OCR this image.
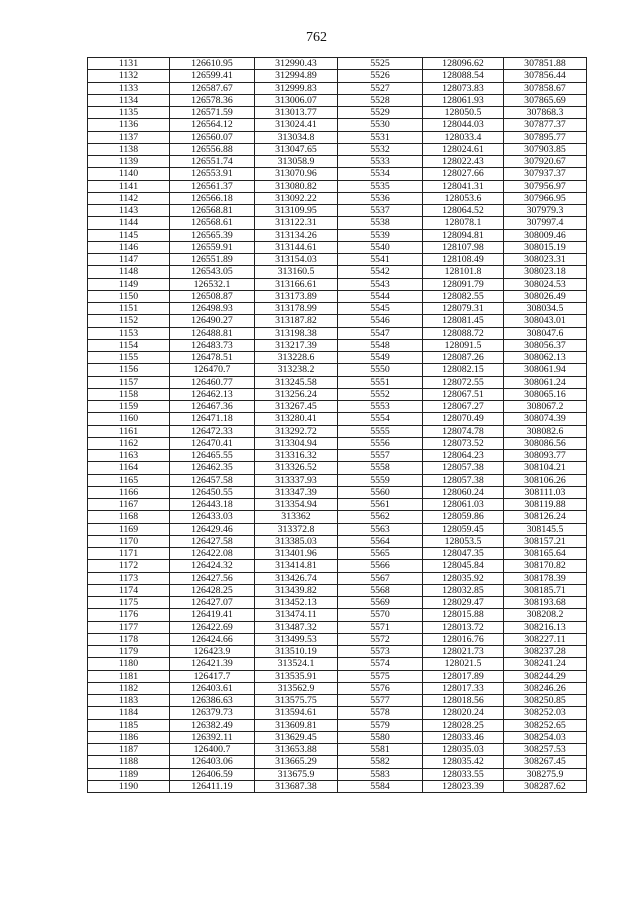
762
1131	126610.95	312990.43	5525	128096.62	307851.88
1132	126599.41	312994.89	5526	128088.54	307856.44
1133	126587.67	312999.83	5527	128073.83	307858.67
1134	126578.36	313006.07	5528	128061.93	307865.69
1135	126571.59	313013.77	5529	128050.5	307868.3
1136	126564.12	313024.41	5530	128044.03	307877.37
1137	126560.07	313034.8	5531	128033.4	307895.77
1138	126556.88	313047.65	5532	128024.61	307903.85
1139	126551.74	313058.9	5533	128022.43	307920.67
1140	126553.91	313070.96	5534	128027.66	307937.37
1141	126561.37	313080.82	5535	128041.31	307956.97
1142	126566.18	313092.22	5536	128053.6	307966.95
1143	126568.81	313109.95	5537	128064.52	307979.3
1144	126568.61	313122.31	5538	128078.1	307997.4
1145	126565.39	313134.26	5539	128094.81	308009.46
1146	126559.91	313144.61	5540	128107.98	308015.19
1147	126551.89	313154.03	5541	128108.49	308023.31
1148	126543.05	313160.5	5542	128101.8	308023.18
1149	126532.1	313166.61	5543	128091.79	308024.53
1150	126508.87	313173.89	5544	128082.55	308026.49
1151	126498.93	313178.99	5545	128079.31	308034.5
1152	126490.27	313187.82	5546	128081.45	308043.01
1153	126488.81	313198.38	5547	128088.72	308047.6
1154	126483.73	313217.39	5548	128091.5	308056.37
1155	126478.51	313228.6	5549	128087.26	308062.13
1156	126470.7	313238.2	5550	128082.15	308061.94
1157	126460.77	313245.58	5551	128072.55	308061.24
1158	126462.13	313256.24	5552	128067.51	308065.16
1159	126467.36	313267.45	5553	128067.27	308067.2
1160	126471.18	313280.41	5554	128070.49	308074.39
1161	126472.33	313292.72	5555	128074.78	308082.6
1162	126470.41	313304.94	5556	128073.52	308086.56
1163	126465.55	313316.32	5557	128064.23	308093.77
1164	126462.35	313326.52	5558	128057.38	308104.21
1165	126457.58	313337.93	5559	128057.38	308106.26
1166	126450.55	313347.39	5560	128060.24	308111.03
1167	126443.18	313354.94	5561	128061.03	308119.88
1168	126433.03	313362	5562	128059.86	308126.24
1169	126429.46	313372.8	5563	128059.45	308145.5
1170	126427.58	313385.03	5564	128053.5	308157.21
1171	126422.08	313401.96	5565	128047.35	308165.64
1172	126424.32	313414.81	5566	128045.84	308170.82
1173	126427.56	313426.74	5567	128035.92	308178.39
1174	126428.25	313439.82	5568	128032.85	308185.71
1175	126427.07	313452.13	5569	128029.47	308193.68
1176	126419.41	313474.11	5570	128015.88	308208.2
1177	126422.69	313487.32	5571	128013.72	308216.13
1178	126424.66	313499.53	5572	128016.76	308227.11
1179	126423.9	313510.19	5573	128021.73	308237.28
1180	126421.39	313524.1	5574	128021.5	308241.24
1181	126417.7	313535.91	5575	128017.89	308244.29
1182	126403.61	313562.9	5576	128017.33	308246.26
1183	126386.63	313575.75	5577	128018.56	308250.85
1184	126379.73	313594.61	5578	128020.24	308252.03
1185	126382.49	313609.81	5579	128028.25	308252.65
1186	126392.11	313629.45	5580	128033.46	308254.03
1187	126400.7	313653.88	5581	128035.03	308257.53
1188	126403.06	313665.29	5582	128035.42	308267.45
1189	126406.59	313675.9	5583	128033.55	308275.9
1190	126411.19	313687.38	5584	128023.39	308287.62
